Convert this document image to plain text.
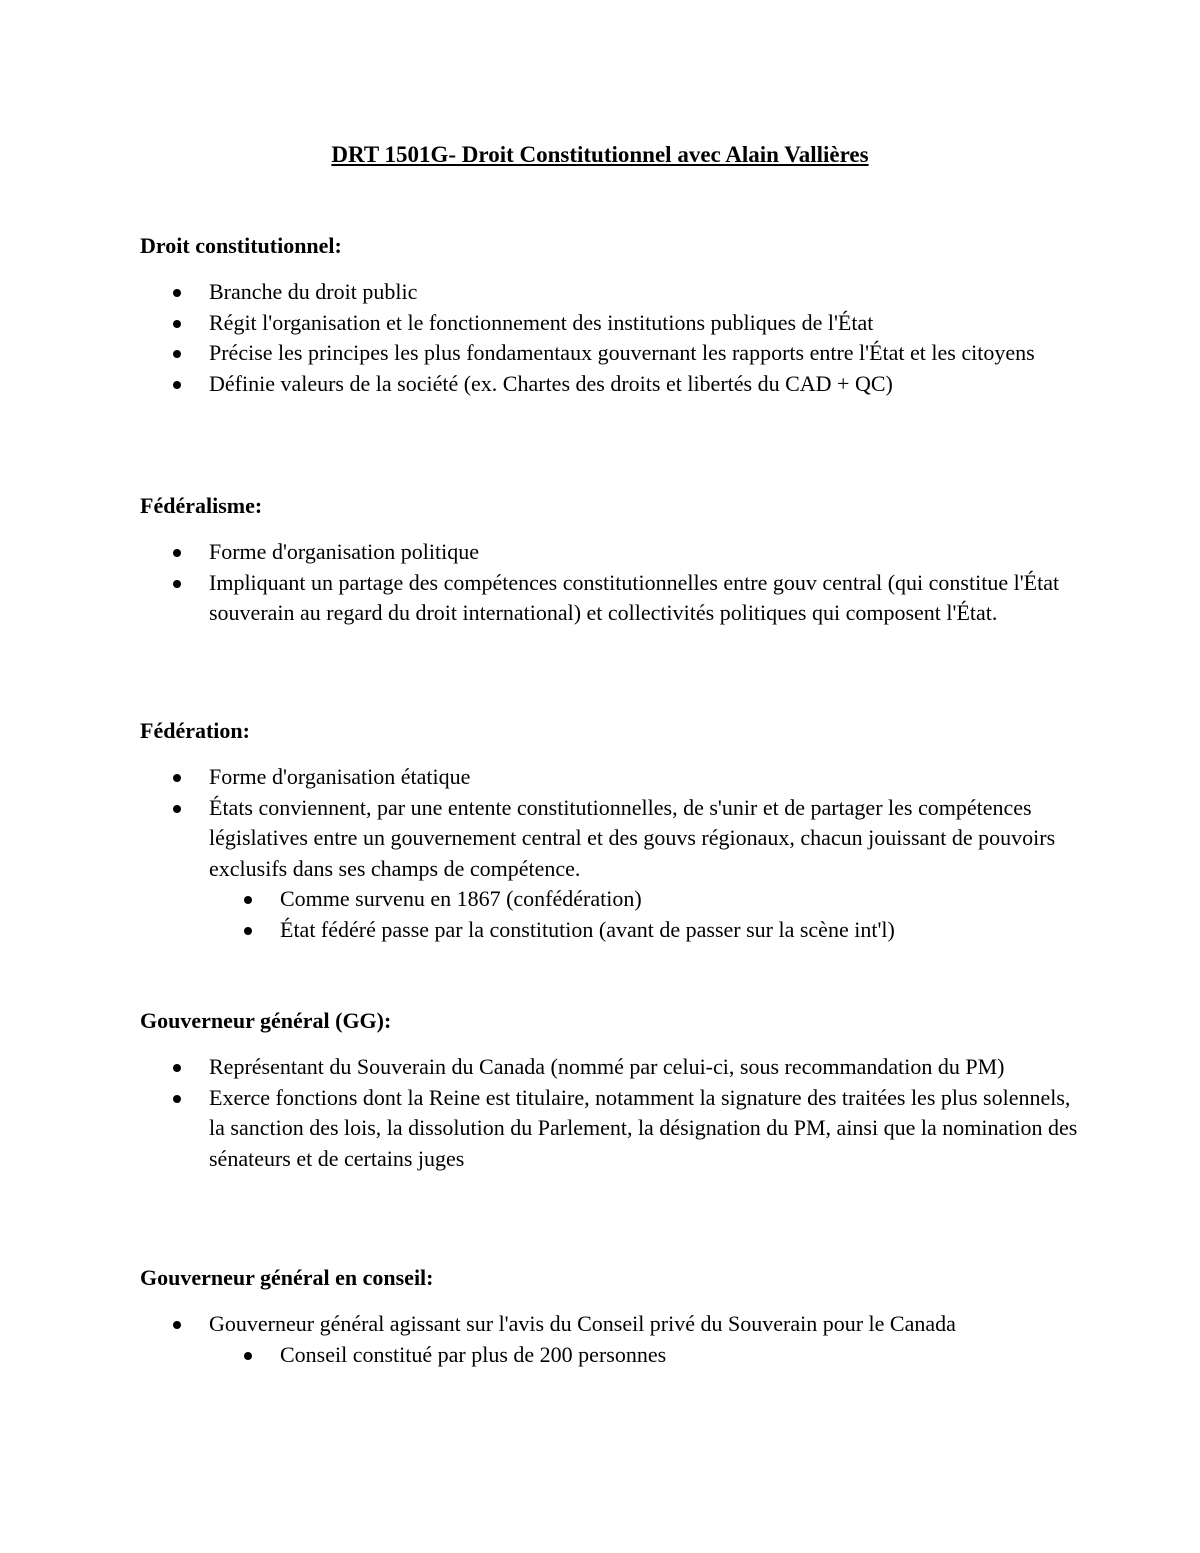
DRT 1501G- Droit Constitutionnel avec Alain Vallières

Droit constitutionnel:

Branche du droit public
Régit l'organisation et le fonctionnement des institutions publiques de l'État
Précise les principes les plus fondamentaux gouvernant les rapports entre l'État et les citoyens
Définie valeurs de la société (ex. Chartes des droits et libertés du CAD + QC)

Fédéralisme:

Forme d'organisation politique
Impliquant un partage des compétences constitutionnelles entre gouv central (qui constitue l'État souverain au regard du droit international) et collectivités politiques qui composent l'État.

Fédération:

Forme d'organisation étatique
États conviennent, par une entente constitutionnelles, de s'unir et de partager les compétences législatives entre un gouvernement central et des gouvs régionaux, chacun jouissant de pouvoirs exclusifs dans ses champs de compétence.
Comme survenu en 1867 (confédération)
État fédéré passe par la constitution (avant de passer sur la scène int'l)

Gouverneur général (GG):

Représentant du Souverain du Canada (nommé par celui-ci, sous recommandation du PM)
Exerce fonctions dont la Reine est titulaire, notamment la signature des traitées les plus solennels, la sanction des lois, la dissolution du Parlement, la désignation du PM, ainsi que la nomination des sénateurs et de certains juges

Gouverneur général en conseil:

Gouverneur général agissant sur l'avis du Conseil privé du Souverain pour le Canada
Conseil constitué par plus de 200 personnes
